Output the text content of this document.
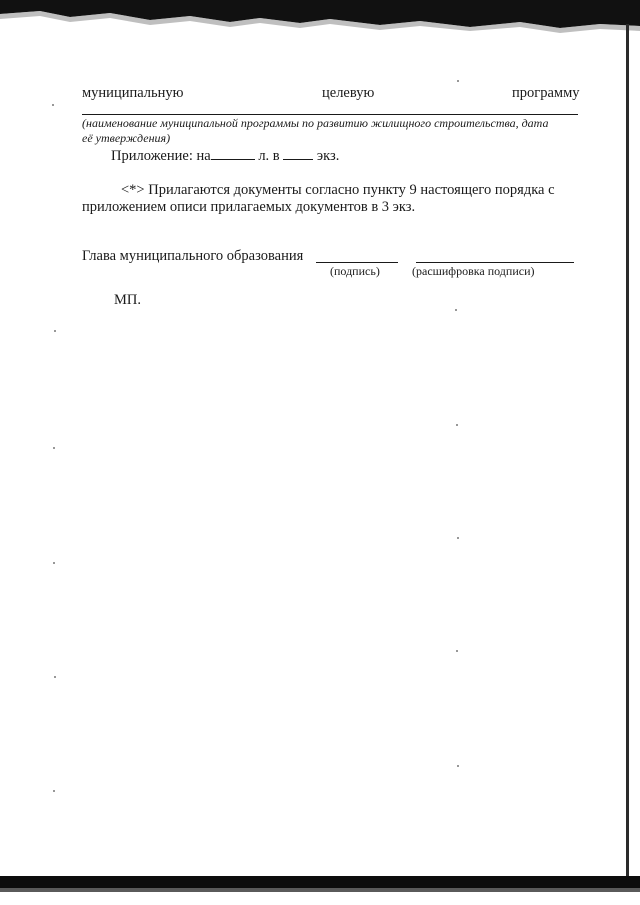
муниципальную	целевую	программу
(наименование муниципальной программы по развитию жилищного строительства, дата
её утверждения)
Приложение: на	л. в	экз.
<*> Прилагаются документы согласно пункту 9 настоящего порядка с
приложением описи прилагаемых документов в 3 экз.
Глава муниципального образования
(подпись)	(расшифровка подписи)
МП.
